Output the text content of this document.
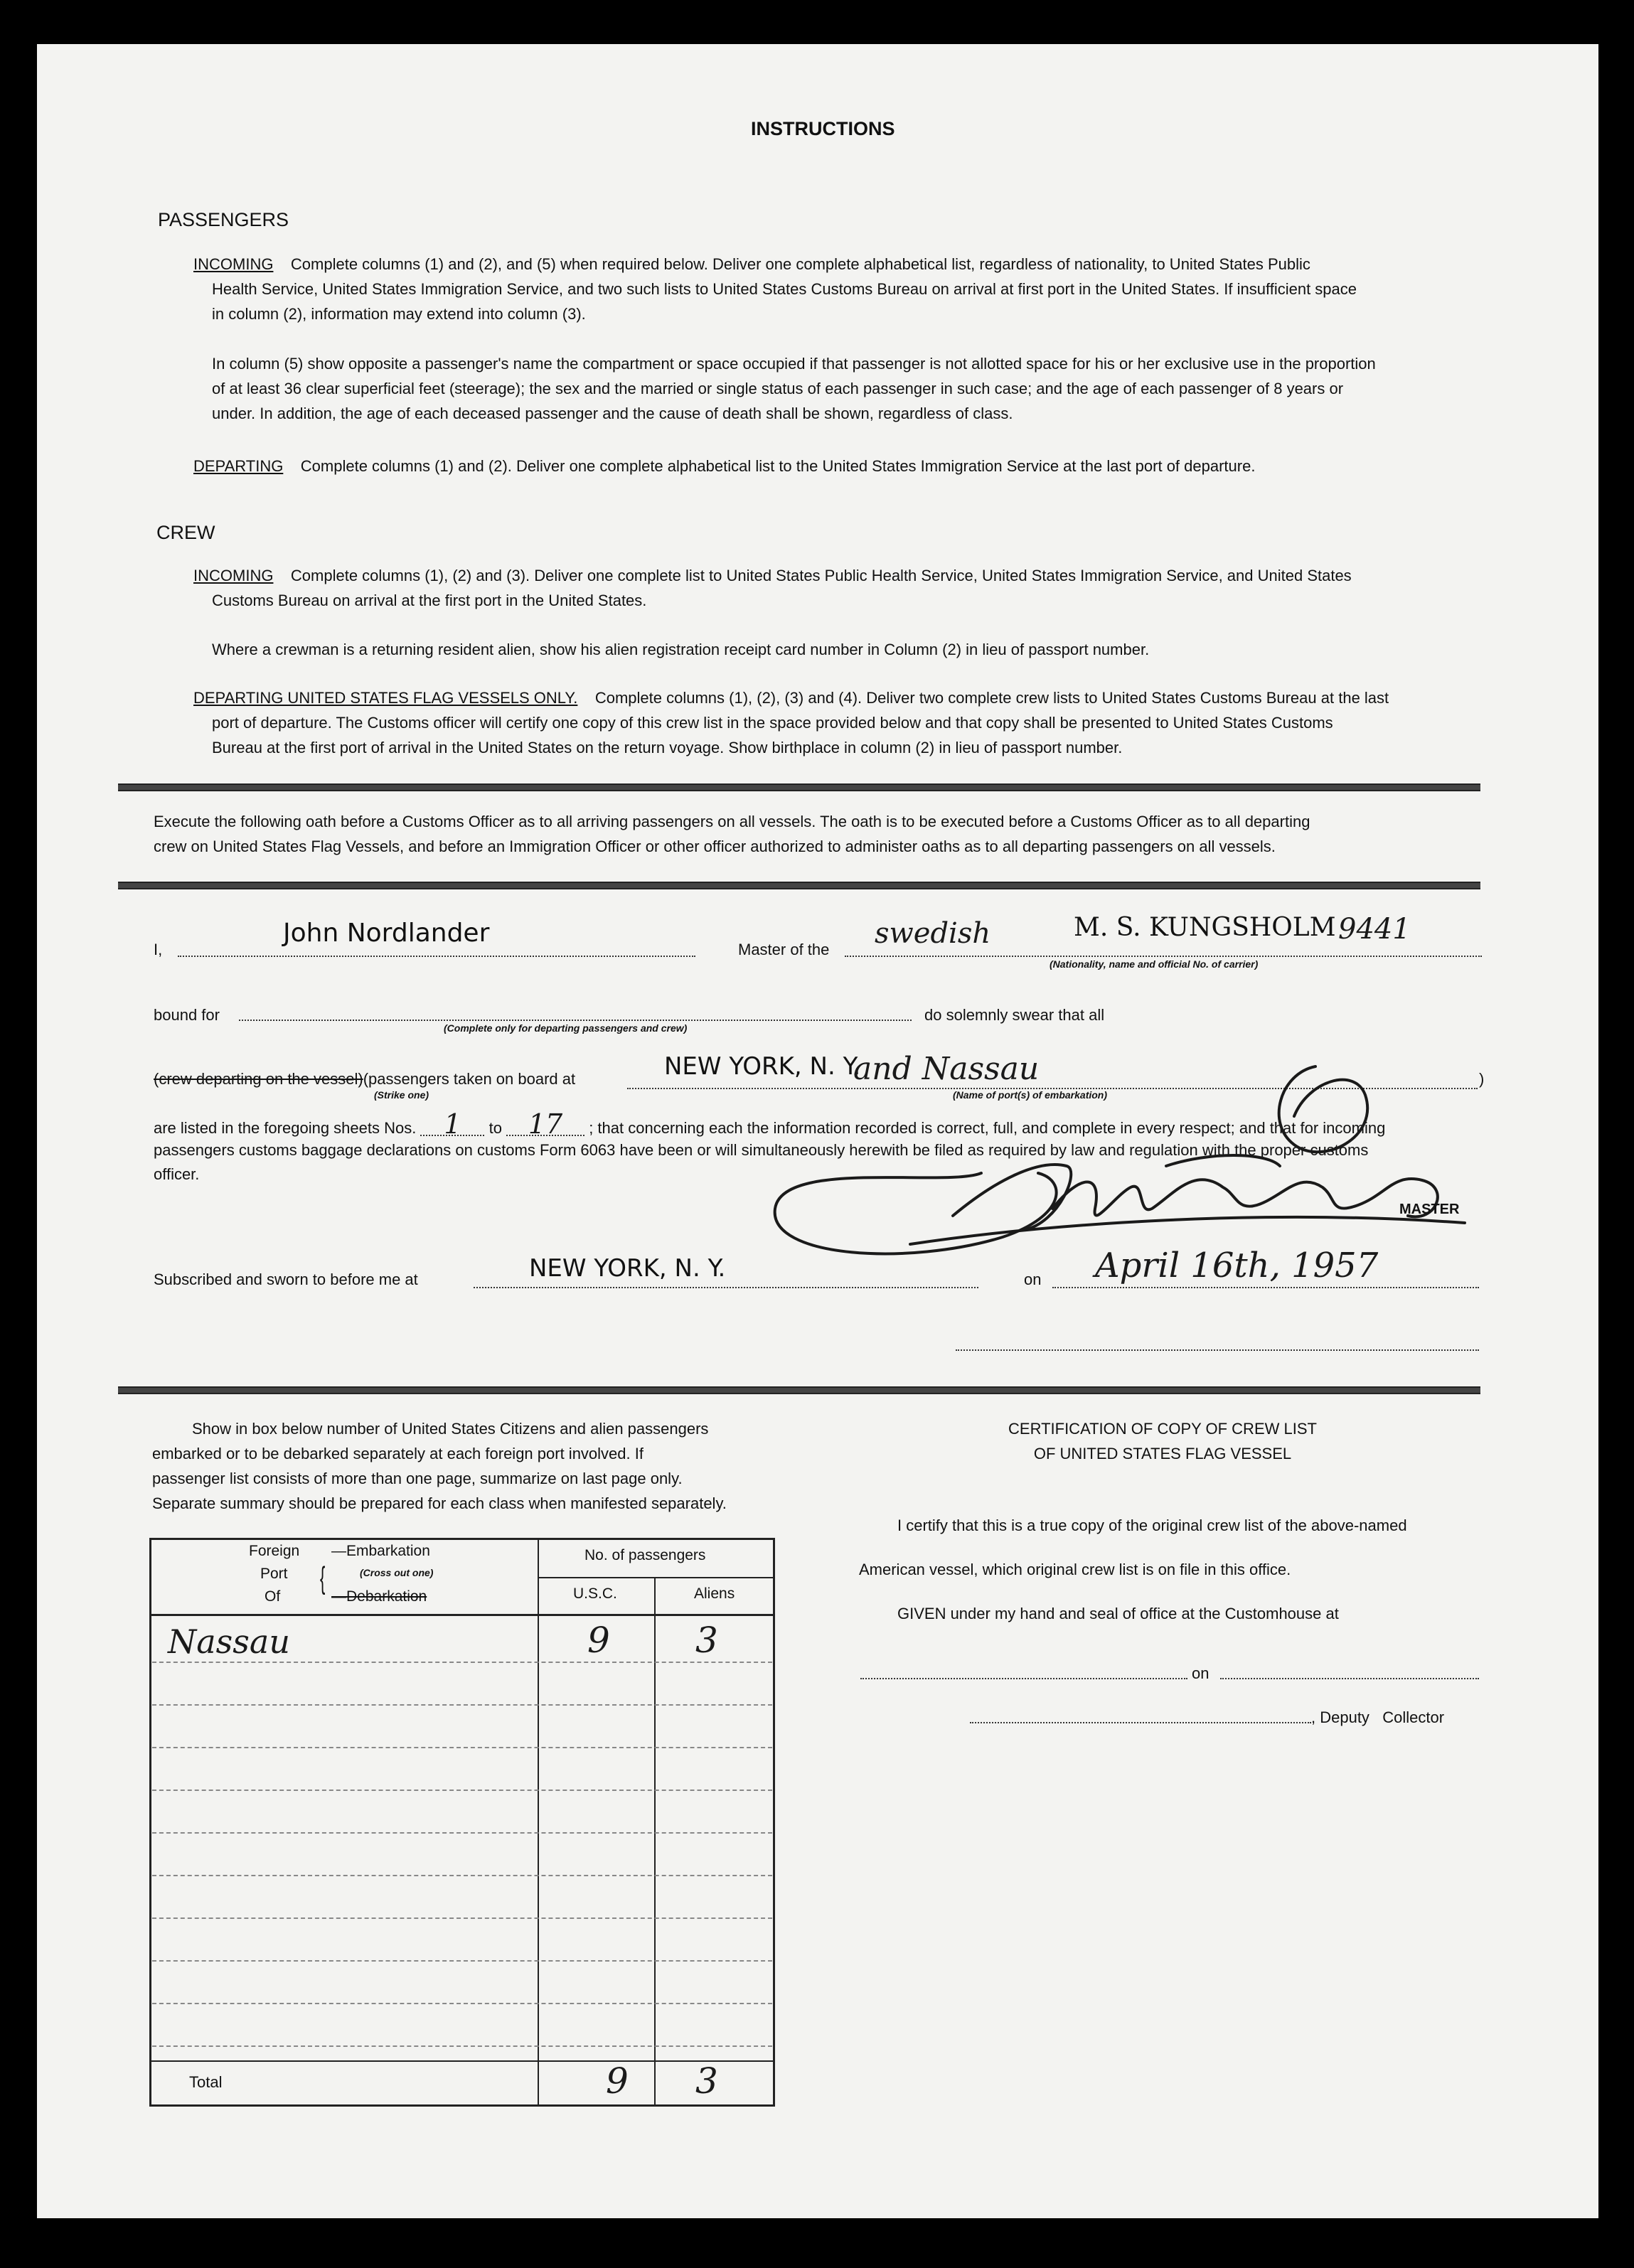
INSTRUCTIONS
PASSENGERS
INCOMING Complete columns (1) and (2), and (5) when required below. Deliver one complete alphabetical list, regardless of nationality, to United States Public
Health Service, United States Immigration Service, and two such lists to United States Customs Bureau on arrival at first port in the United States. If insufficient space
in column (2), information may extend into column (3).
In column (5) show opposite a passenger's name the compartment or space occupied if that passenger is not allotted space for his or her exclusive use in the proportion
of at least 36 clear superficial feet (steerage); the sex and the married or single status of each passenger in such case; and the age of each passenger of 8 years or
under. In addition, the age of each deceased passenger and the cause of death shall be shown, regardless of class.
DEPARTING Complete columns (1) and (2). Deliver one complete alphabetical list to the United States Immigration Service at the last port of departure.
CREW
INCOMING Complete columns (1), (2) and (3). Deliver one complete list to United States Public Health Service, United States Immigration Service, and United States
Customs Bureau on arrival at the first port in the United States.
Where a crewman is a returning resident alien, show his alien registration receipt card number in Column (2) in lieu of passport number.
DEPARTING UNITED STATES FLAG VESSELS ONLY. Complete columns (1), (2), (3) and (4). Deliver two complete crew lists to United States Customs Bureau at the last
port of departure. The Customs officer will certify one copy of this crew list in the space provided below and that copy shall be presented to United States Customs
Bureau at the first port of arrival in the United States on the return voyage. Show birthplace in column (2) in lieu of passport number.
Execute the following oath before a Customs Officer as to all arriving passengers on all vessels. The oath is to be executed before a Customs Officer as to all departing
crew on United States Flag Vessels, and before an Immigration Officer or other officer authorized to administer oaths as to all departing passengers on all vessels.
I,
John Nordlander
Master of the swedish	M. S. KUNGSHOLM 9441
(Nationality, name and official No. of carrier)
bound for
(Complete only for departing passengers and crew)
do solemnly swear that all
(crew departing on the vessel)(passengers taken on board at
(Strike one)
NEW YORK, N. Y.
and Nassau
(Name of port(s) of embarkation)
)
are listed in the foregoing sheets Nos. 1 to 17 ; that concerning each the information recorded is correct, full, and complete in every respect; and that for incoming
passengers customs baggage declarations on customs Form 6063 have been or will simultaneously herewith be filed as required by law and regulation with the proper customs
officer.
MASTER
Subscribed and sworn to before me at	NEW YORK, N. Y.	on April 16th, 1957
Show in box below number of United States Citizens and alien passengers
embarked or to be debarked separately at each foreign port involved. If
passenger list consists of more than one page, summarize on last page only.
Separate summary should be prepared for each class when manifested separately.
Foreign
Port
Of
{
—Embarkation
(Cross out one)
—Debarkation
No. of passengers
U.S.C.	Aliens
Nassau	9 3
Total	9 3
CERTIFICATION OF COPY OF CREW LIST
OF UNITED STATES FLAG VESSEL
I certify that this is a true copy of the original crew list of the above-named
American vessel, which original crew list is on file in this office.
GIVEN under my hand and seal of office at the Customhouse at
on
, Deputy   Collector
